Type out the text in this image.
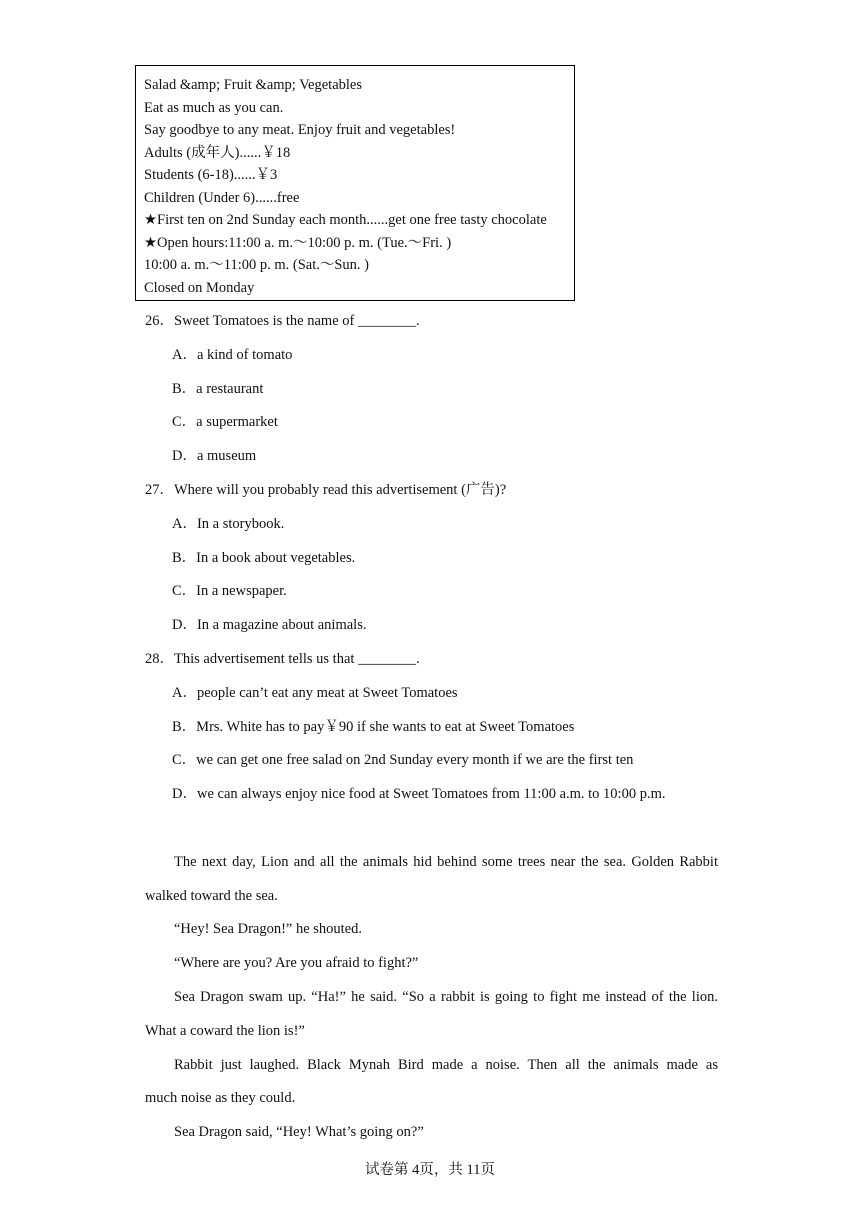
Salad &amp; Fruit &amp; Vegetables
Eat as much as you can.
Say goodbye to any meat. Enjoy fruit and vegetables!
Adults (成年人)......￥18
Students (6-18)......￥3
Children (Under 6)......free
★First ten on 2nd Sunday each month......get one free tasty chocolate
★Open hours:11:00 a. m.～10:00 p. m. (Tue.～Fri. )
10:00 a. m.～11:00 p. m. (Sat.～Sun. )
Closed on Monday
26．Sweet Tomatoes is the name of ________.
A．a kind of tomato
B．a restaurant
C．a supermarket
D．a museum
27．Where will you probably read this advertisement (广告)?
A．In a storybook.
B．In a book about vegetables.
C．In a newspaper.
D．In a magazine about animals.
28．This advertisement tells us that ________.
A．people can’t eat any meat at Sweet Tomatoes
B．Mrs. White has to pay￥90 if she wants to eat at Sweet Tomatoes
C．we can get one free salad on 2nd Sunday every month if we are the first ten
D．we can always enjoy nice food at Sweet Tomatoes from 11:00 a.m. to 10:00 p.m.
The next day, Lion and all the animals hid behind some trees near the sea. Golden Rabbit
walked toward the sea.
“Hey! Sea Dragon!” he shouted.
“Where are you? Are you afraid to fight?”
Sea Dragon swam up. “Ha!” he said. “So a rabbit is going to fight me instead of the lion.
What a coward the lion is!”
Rabbit just laughed. Black Mynah Bird made a noise. Then all the animals made as
much noise as they could.
Sea Dragon said, “Hey! What’s going on?”
试卷第 4页，共 11页
